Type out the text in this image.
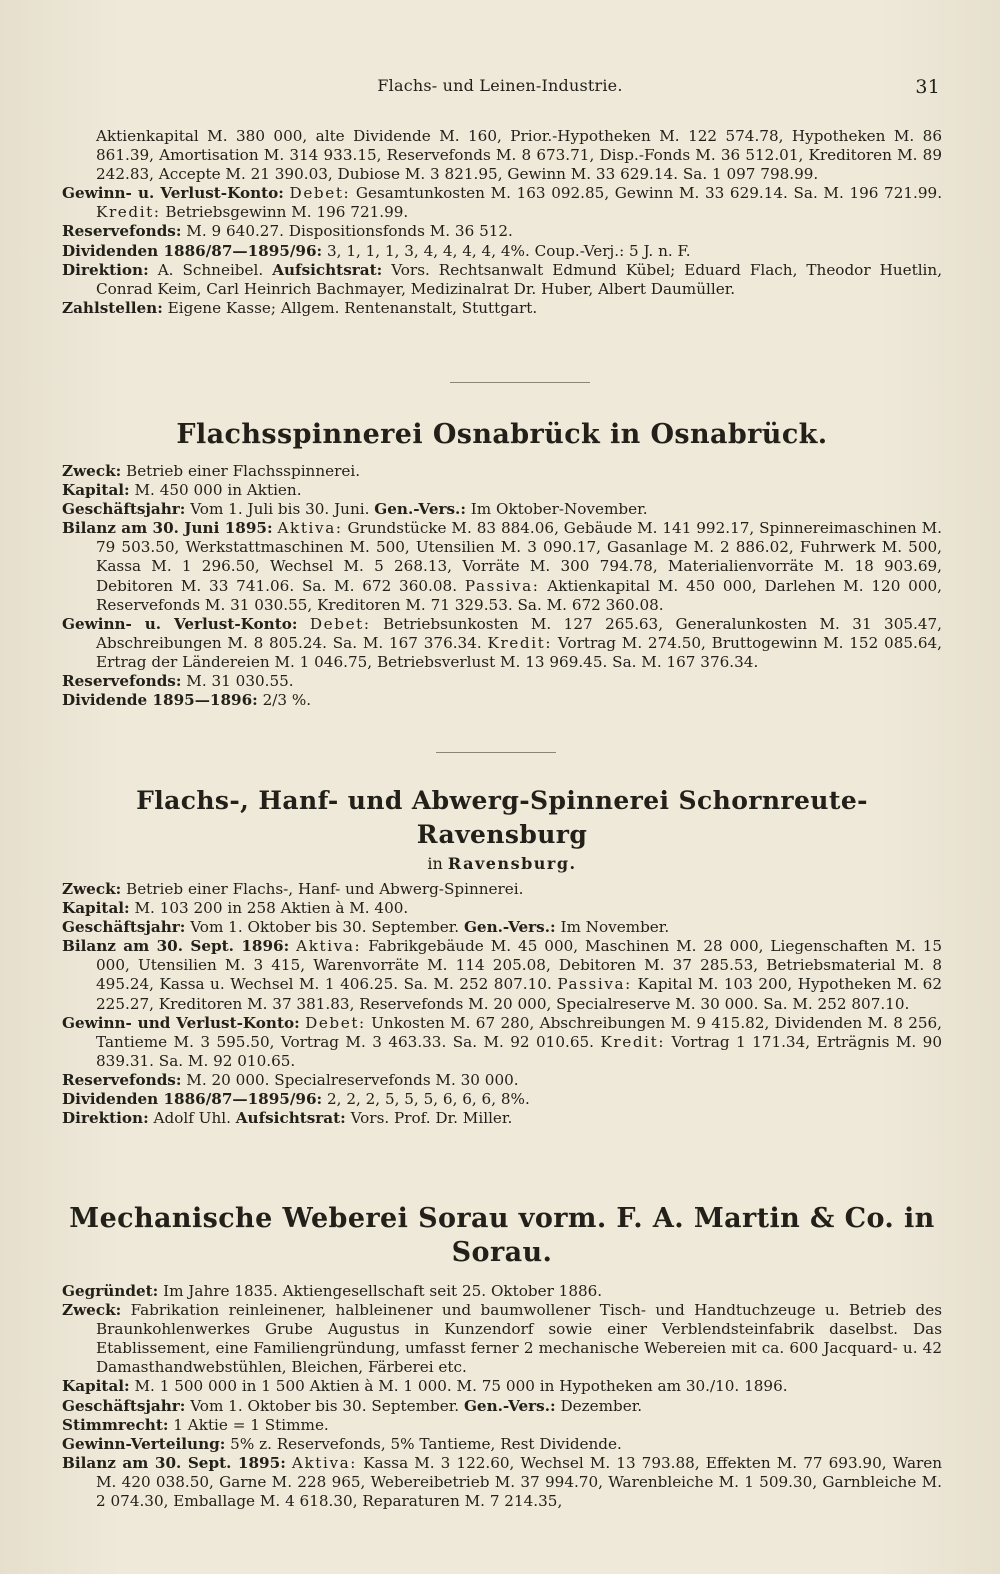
Flachs- und Leinen-Industrie.	31

Aktienkapital M. 380 000, alte Dividende M. 160, Prior.-Hypotheken M. 122 574.78, Hypotheken M. 86 861.39, Amortisation M. 314 933.15, Reservefonds M. 8 673.71, Disp.-Fonds M. 36 512.01, Kreditoren M. 89 242.83, Accepte M. 21 390.03, Dubiose M. 3 821.95, Gewinn M. 33 629.14. Sa. 1 097 798.99.

Gewinn- u. Verlust-Konto: Debet: Gesamtunkosten M. 163 092.85, Gewinn M. 33 629.14. Sa. M. 196 721.99. Kredit: Betriebsgewinn M. 196 721.99.

Reservefonds: M. 9 640.27. Dispositionsfonds M. 36 512.

Dividenden 1886/87—1895/96: 3, 1, 1, 1, 3, 4, 4, 4, 4, 4%. Coup.-Verj.: 5 J. n. F.

Direktion: A. Schneibel. Aufsichtsrat: Vors. Rechtsanwalt Edmund Kübel; Eduard Flach, Theodor Huetlin, Conrad Keim, Carl Heinrich Bachmayer, Medizinalrat Dr. Huber, Albert Daumüller.

Zahlstellen: Eigene Kasse; Allgem. Rentenanstalt, Stuttgart.

Flachsspinnerei Osnabrück in Osnabrück.

Zweck: Betrieb einer Flachsspinnerei.

Kapital: M. 450 000 in Aktien.

Geschäftsjahr: Vom 1. Juli bis 30. Juni. Gen.-Vers.: Im Oktober-November.

Bilanz am 30. Juni 1895: Aktiva: Grundstücke M. 83 884.06, Gebäude M. 141 992.17, Spinnereimaschinen M. 79 503.50, Werkstattmaschinen M. 500, Utensilien M. 3 090.17, Gasanlage M. 2 886.02, Fuhrwerk M. 500, Kassa M. 1 296.50, Wechsel M. 5 268.13, Vorräte M. 300 794.78, Materialienvorräte M. 18 903.69, Debitoren M. 33 741.06. Sa. M. 672 360.08. Passiva: Aktienkapital M. 450 000, Darlehen M. 120 000, Reservefonds M. 31 030.55, Kreditoren M. 71 329.53. Sa. M. 672 360.08.

Gewinn- u. Verlust-Konto: Debet: Betriebsunkosten M. 127 265.63, Generalunkosten M. 31 305.47, Abschreibungen M. 8 805.24. Sa. M. 167 376.34. Kredit: Vortrag M. 274.50, Bruttogewinn M. 152 085.64, Ertrag der Ländereien M. 1 046.75, Betriebsverlust M. 13 969.45. Sa. M. 167 376.34.

Reservefonds: M. 31 030.55.

Dividende 1895—1896: 2/3 %.

Flachs-, Hanf- und Abwerg-Spinnerei Schornreute-Ravensburg

in Ravensburg.

Zweck: Betrieb einer Flachs-, Hanf- und Abwerg-Spinnerei.

Kapital: M. 103 200 in 258 Aktien à M. 400.

Geschäftsjahr: Vom 1. Oktober bis 30. September. Gen.-Vers.: Im November.

Bilanz am 30. Sept. 1896: Aktiva: Fabrikgebäude M. 45 000, Maschinen M. 28 000, Liegenschaften M. 15 000, Utensilien M. 3 415, Warenvorräte M. 114 205.08, Debitoren M. 37 285.53, Betriebsmaterial M. 8 495.24, Kassa u. Wechsel M. 1 406.25. Sa. M. 252 807.10. Passiva: Kapital M. 103 200, Hypotheken M. 62 225.27, Kreditoren M. 37 381.83, Reservefonds M. 20 000, Specialreserve M. 30 000. Sa. M. 252 807.10.

Gewinn- und Verlust-Konto: Debet: Unkosten M. 67 280, Abschreibungen M. 9 415.82, Dividenden M. 8 256, Tantieme M. 3 595.50, Vortrag M. 3 463.33. Sa. M. 92 010.65. Kredit: Vortrag 1 171.34, Erträgnis M. 90 839.31. Sa. M. 92 010.65.

Reservefonds: M. 20 000. Specialreservefonds M. 30 000.

Dividenden 1886/87—1895/96: 2, 2, 2, 5, 5, 5, 6, 6, 6, 8%.

Direktion: Adolf Uhl. Aufsichtsrat: Vors. Prof. Dr. Miller.

Mechanische Weberei Sorau vorm. F. A. Martin & Co. in Sorau.

Gegründet: Im Jahre 1835. Aktiengesellschaft seit 25. Oktober 1886.

Zweck: Fabrikation reinleinener, halbleinener und baumwollener Tisch- und Handtuchzeuge u. Betrieb des Braunkohlenwerkes Grube Augustus in Kunzendorf sowie einer Verblendsteinfabrik daselbst. Das Etablissement, eine Familiengründung, umfasst ferner 2 mechanische Webereien mit ca. 600 Jacquard- u. 42 Damasthandwebstühlen, Bleichen, Färberei etc.

Kapital: M. 1 500 000 in 1 500 Aktien à M. 1 000. M. 75 000 in Hypotheken am 30./10. 1896.

Geschäftsjahr: Vom 1. Oktober bis 30. September. Gen.-Vers.: Dezember.

Stimmrecht: 1 Aktie = 1 Stimme.

Gewinn-Verteilung: 5% z. Reservefonds, 5% Tantieme, Rest Dividende.

Bilanz am 30. Sept. 1895: Aktiva: Kassa M. 3 122.60, Wechsel M. 13 793.88, Effekten M. 77 693.90, Waren M. 420 038.50, Garne M. 228 965, Webereibetrieb M. 37 994.70, Warenbleiche M. 1 509.30, Garnbleiche M. 2 074.30, Emballage M. 4 618.30, Reparaturen M. 7 214.35,
